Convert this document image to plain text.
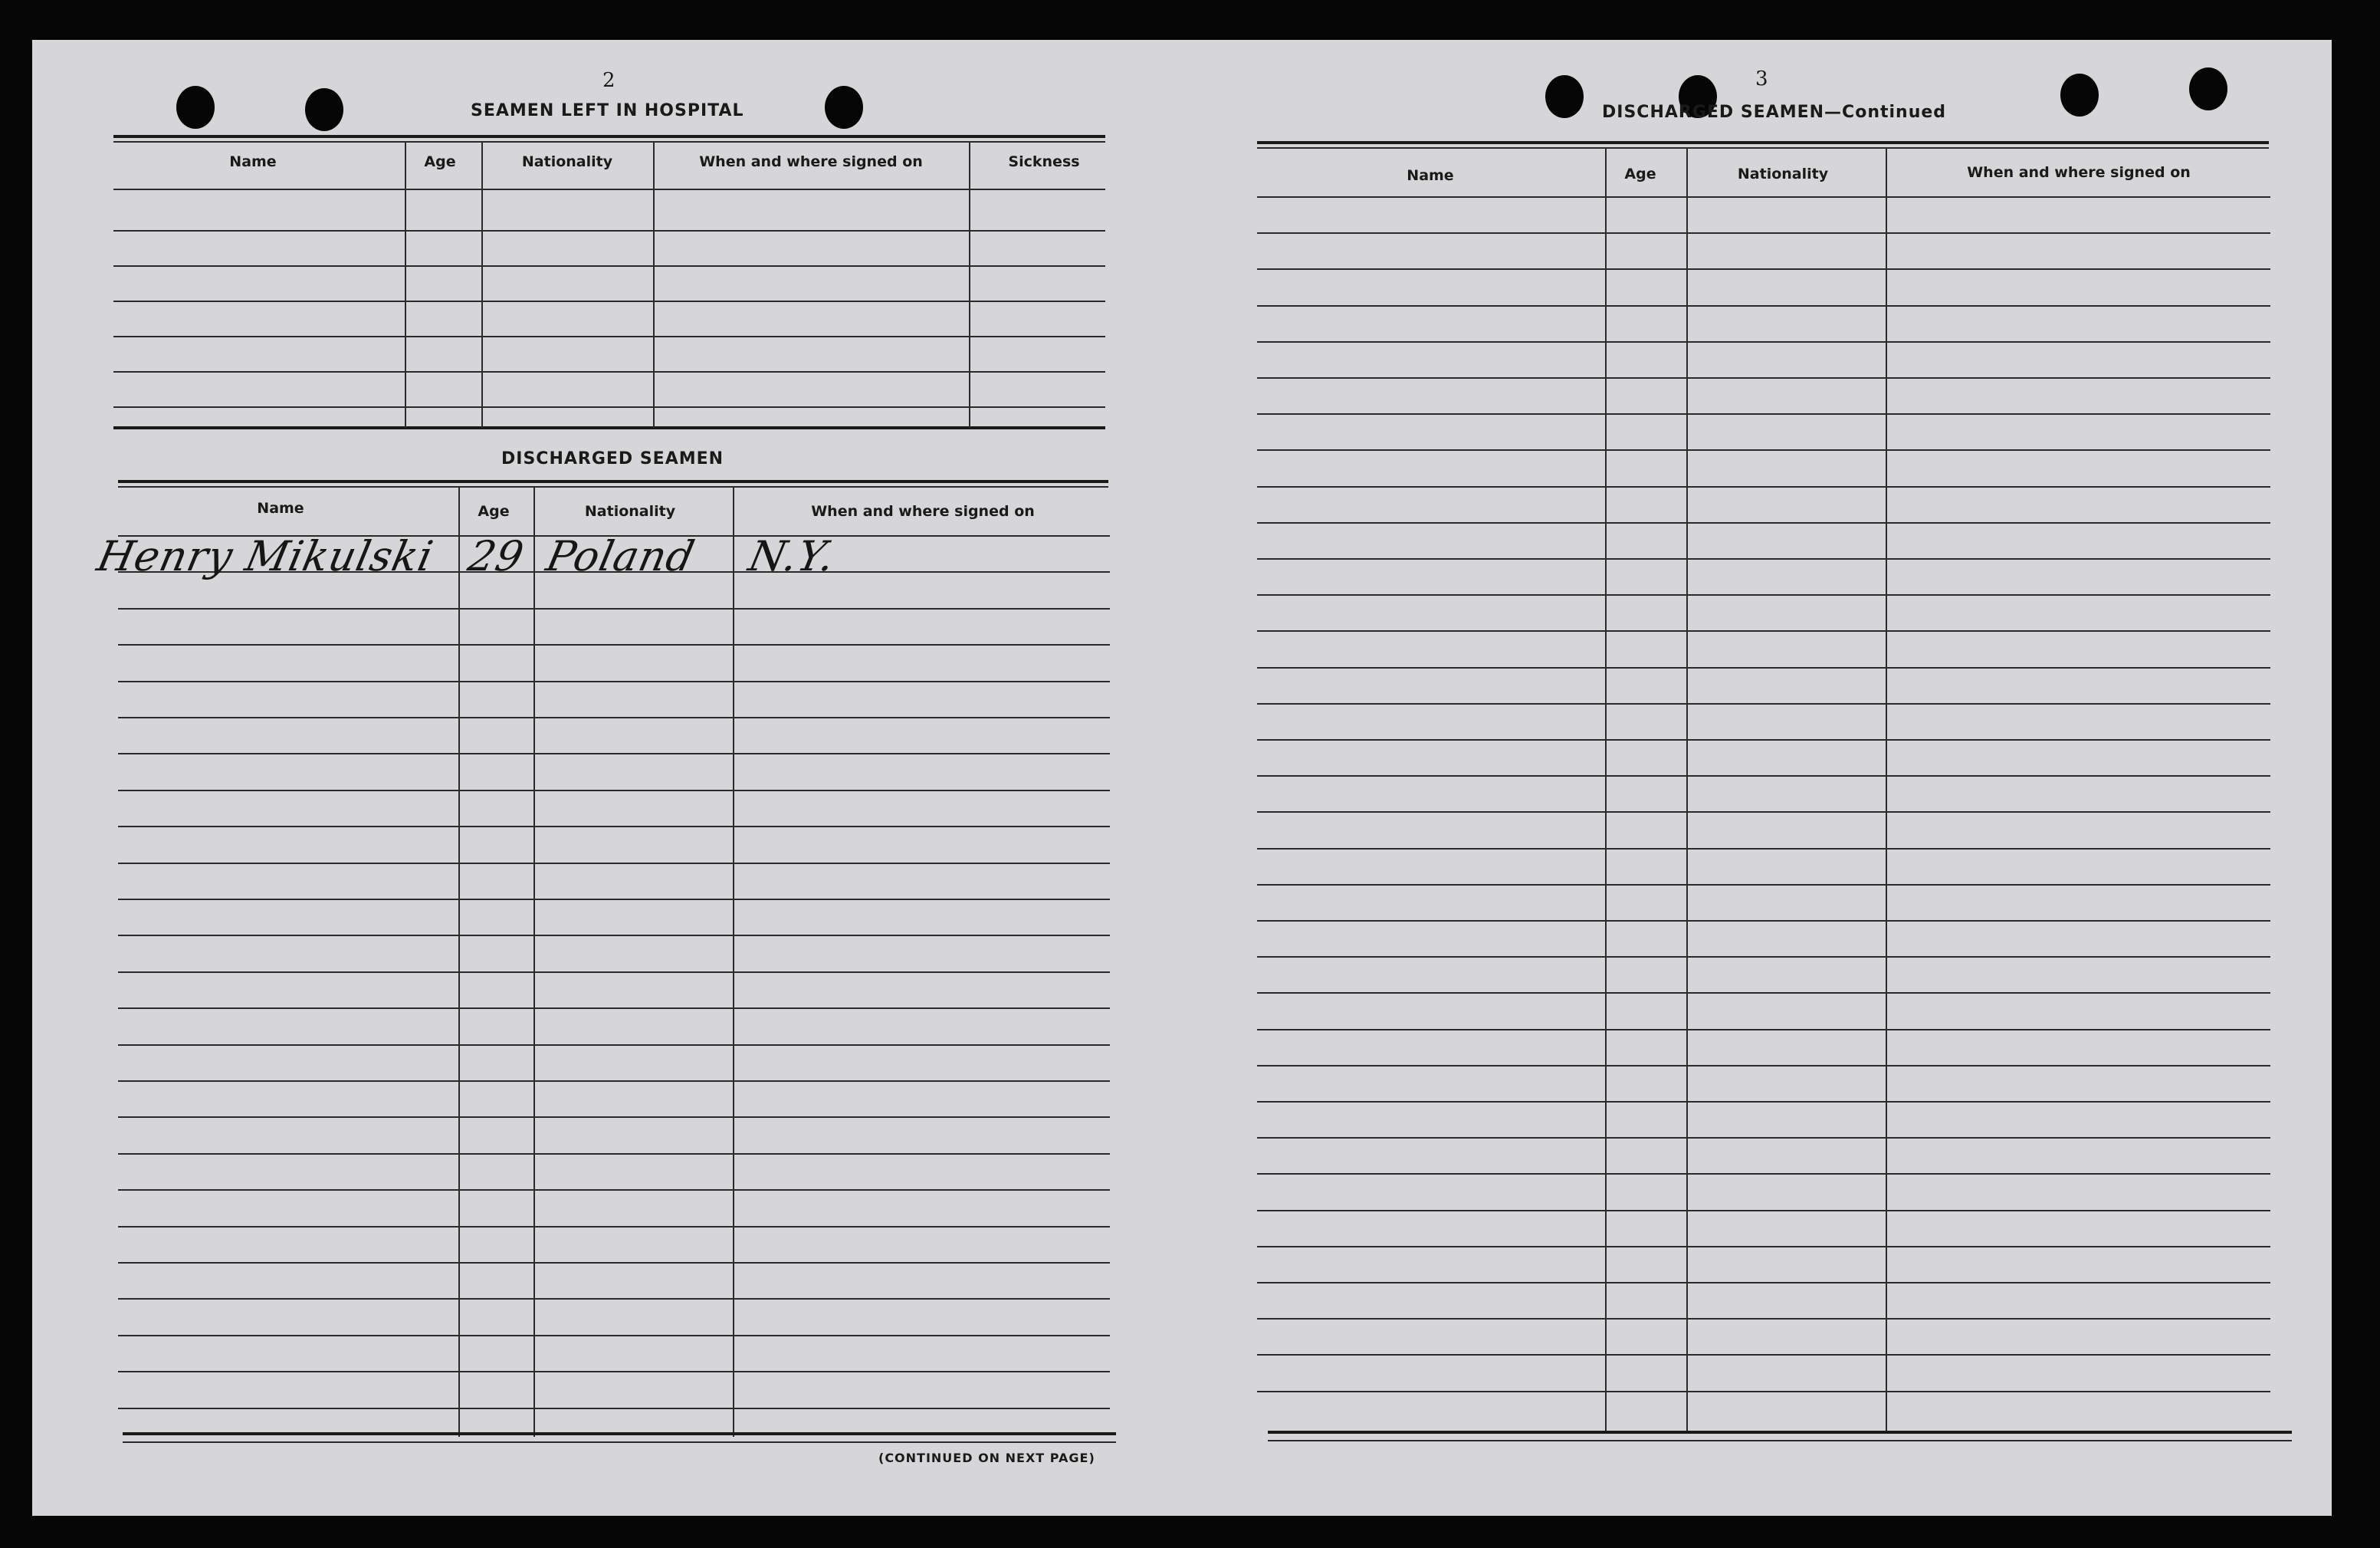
2
SEAMEN LEFT IN HOSPITAL
Name	Age	Nationality	When and where signed on	Sickness
DISCHARGED SEAMEN
Name	Age	Nationality	When and where signed on
Henry Mikulski 29 Poland N.Y.
(CONTINUED ON NEXT PAGE)
3
DISCHARGED SEAMEN—Continued
Name	Age	Nationality	When and where signed on
